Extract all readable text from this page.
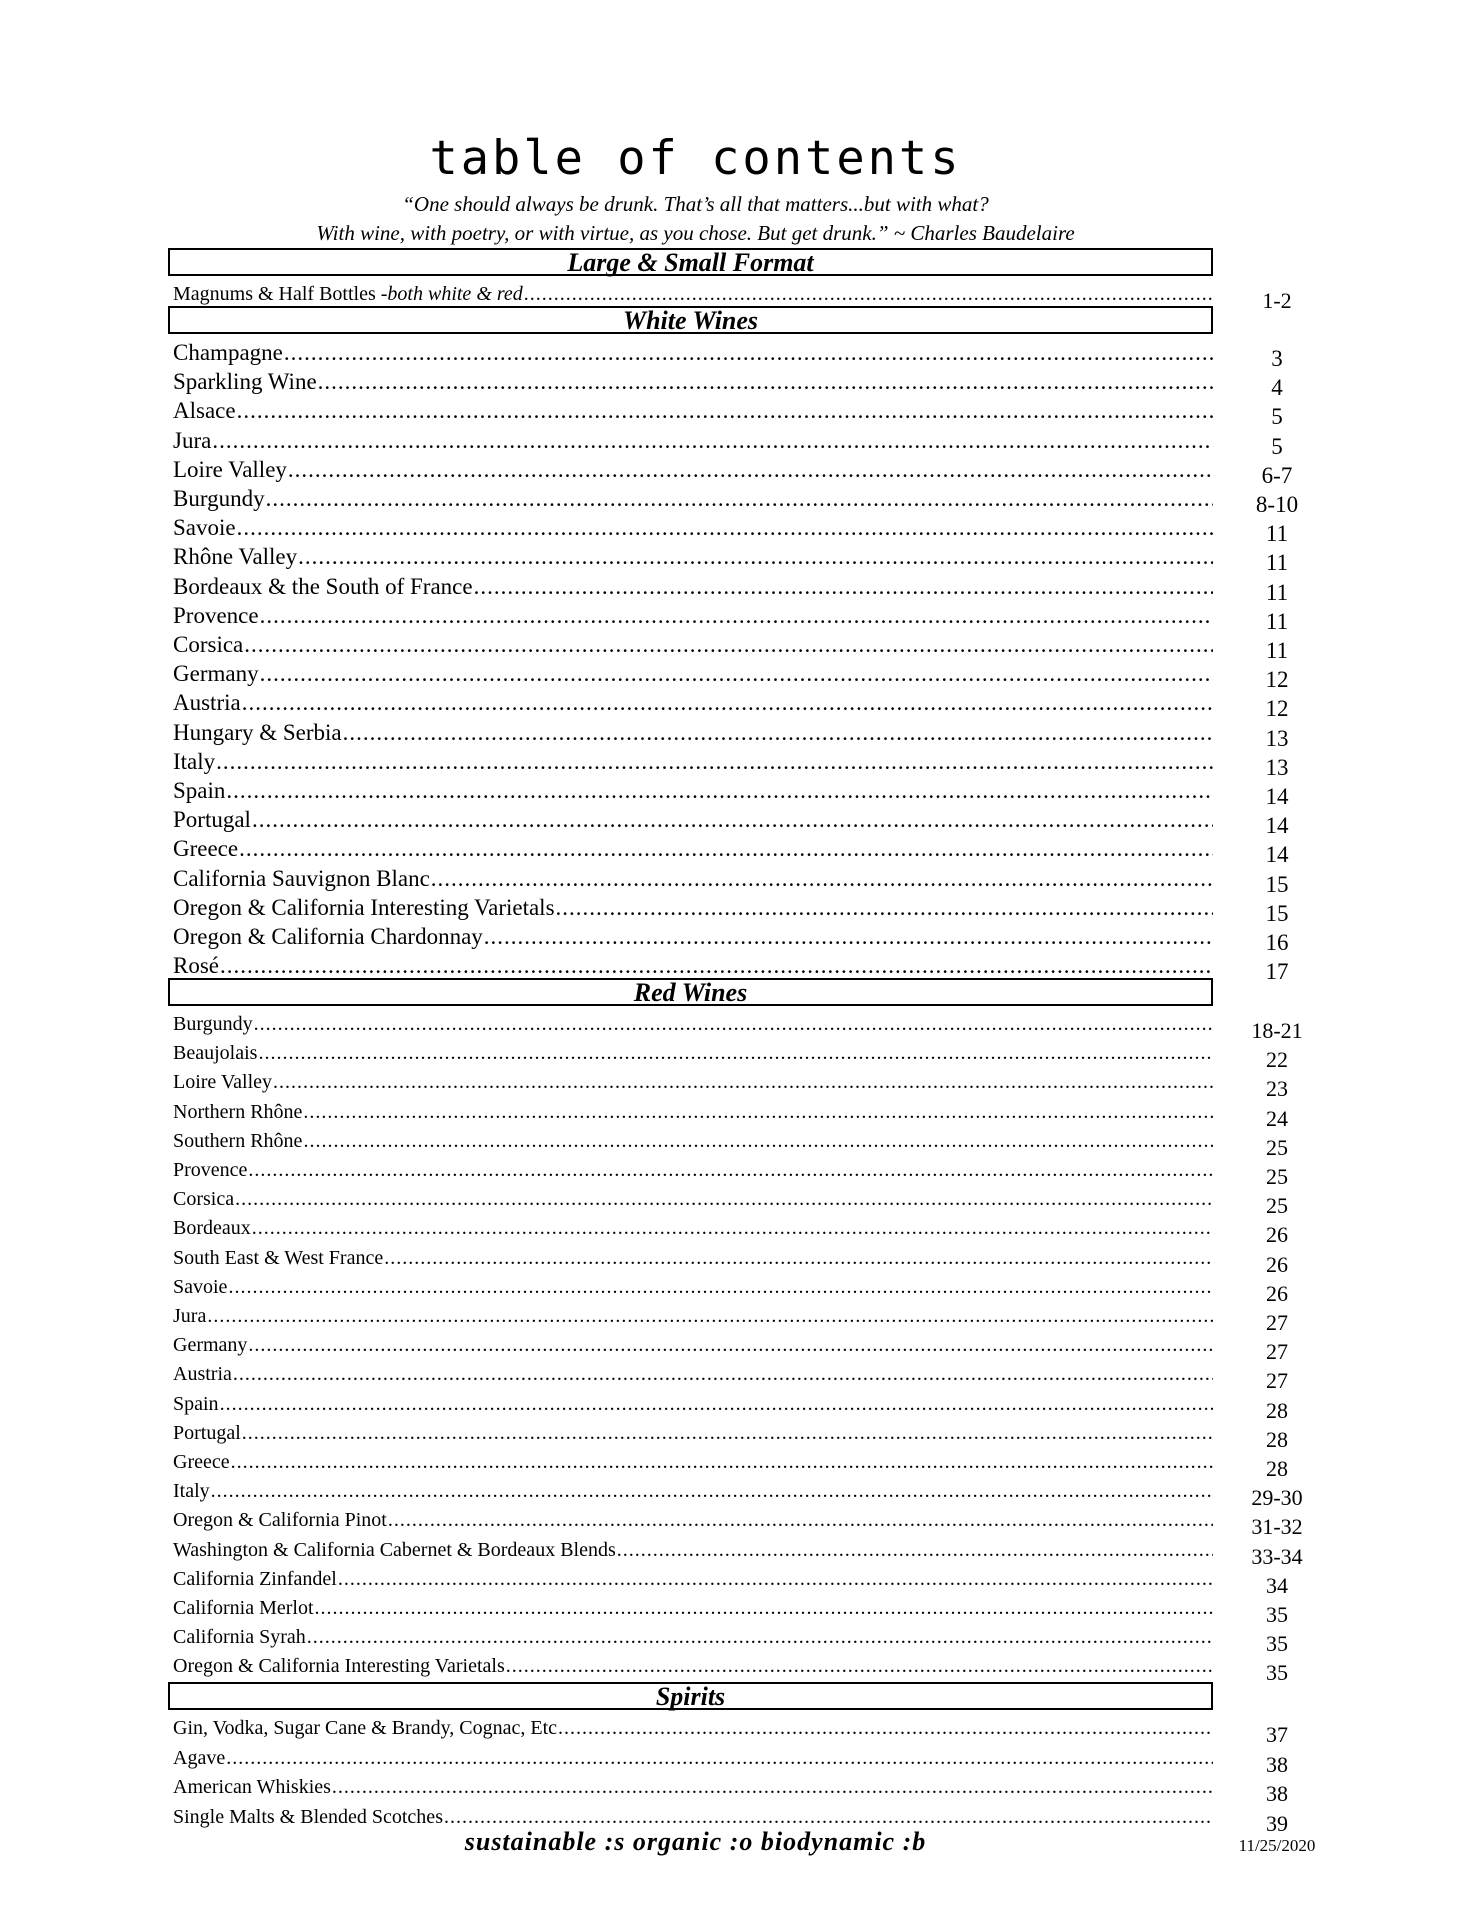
table of contents
“One should always be drunk. That’s all that matters...but with what?
With wine, with poetry, or with virtue, as you chose. But get drunk.” ~ Charles Baudelaire
Large & Small Format
Magnums & Half Bottles -both white & red .....	1-2
White Wines
Champagne .....	3
Sparkling Wine .....	4
Alsace .....	5
Jura .....	5
Loire Valley .....	6-7
Burgundy .....	8-10
Savoie .....	11
Rhône Valley .....	11
Bordeaux & the South of France .....	11
Provence .....	11
Corsica .....	11
Germany .....	12
Austria .....	12
Hungary & Serbia .....	13
Italy .....	13
Spain .....	14
Portugal .....	14
Greece .....	14
California Sauvignon Blanc .....	15
Oregon & California Interesting Varietals .....	15
Oregon & California Chardonnay .....	16
Rosé .....	17
Red Wines
Burgundy .....	18-21
Beaujolais .....	22
Loire Valley .....	23
Northern Rhône .....	24
Southern Rhône .....	25
Provence .....	25
Corsica .....	25
Bordeaux .....	26
South East & West France .....	26
Savoie .....	26
Jura .....	27
Germany .....	27
Austria .....	27
Spain .....	28
Portugal .....	28
Greece .....	28
Italy .....	29-30
Oregon & California Pinot .....	31-32
Washington & California Cabernet & Bordeaux Blends .....	33-34
California Zinfandel .....	34
California Merlot .....	35
California Syrah .....	35
Oregon & California Interesting Varietals .....	35
Spirits
Gin, Vodka, Sugar Cane & Brandy, Cognac, Etc .....	37
Agave .....	38
American Whiskies .....	38
Single Malts & Blended Scotches .....	39
sustainable :s organic :o biodynamic :b	11/25/2020
